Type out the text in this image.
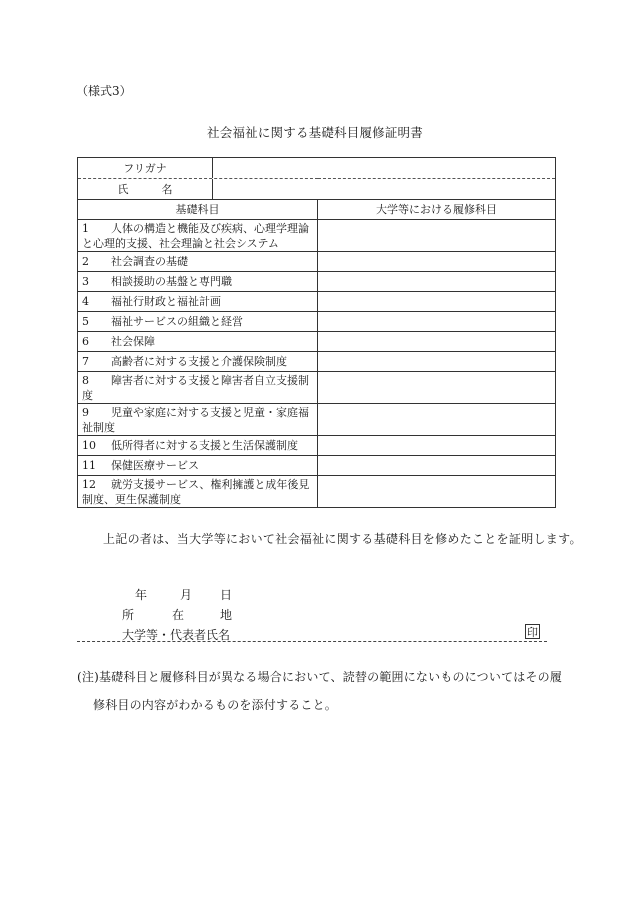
（様式3）
社会福祉に関する基礎科目履修証明書
フリガナ	

氏　　　名	

基礎科目	大学等における履修科目
1  人体の構造と機能及び疾病、心理学理論と心理的支援、社会理論と社会システム	
2  社会調査の基礎	
3  相談援助の基盤と専門職	
4  福祉行財政と福祉計画	
5  福祉サービスの組織と経営	
6  社会保障	
7  高齢者に対する支援と介護保険制度	
8  障害者に対する支援と障害者自立支援制度	
9  児童や家庭に対する支援と児童・家庭福祉制度	
10  低所得者に対する支援と生活保護制度	
11  保健医療サービス	
12  就労支援サービス、権利擁護と成年後見制度、更生保護制度	
上記の者は、当大学等において社会福祉に関する基礎科目を修めたことを証明します。
年	月 日
所	在	地
大学等・代表者氏名	印
(注)基礎科目と履修科目が異なる場合において、読替の範囲にないものについてはその履
修科目の内容がわかるものを添付すること。
